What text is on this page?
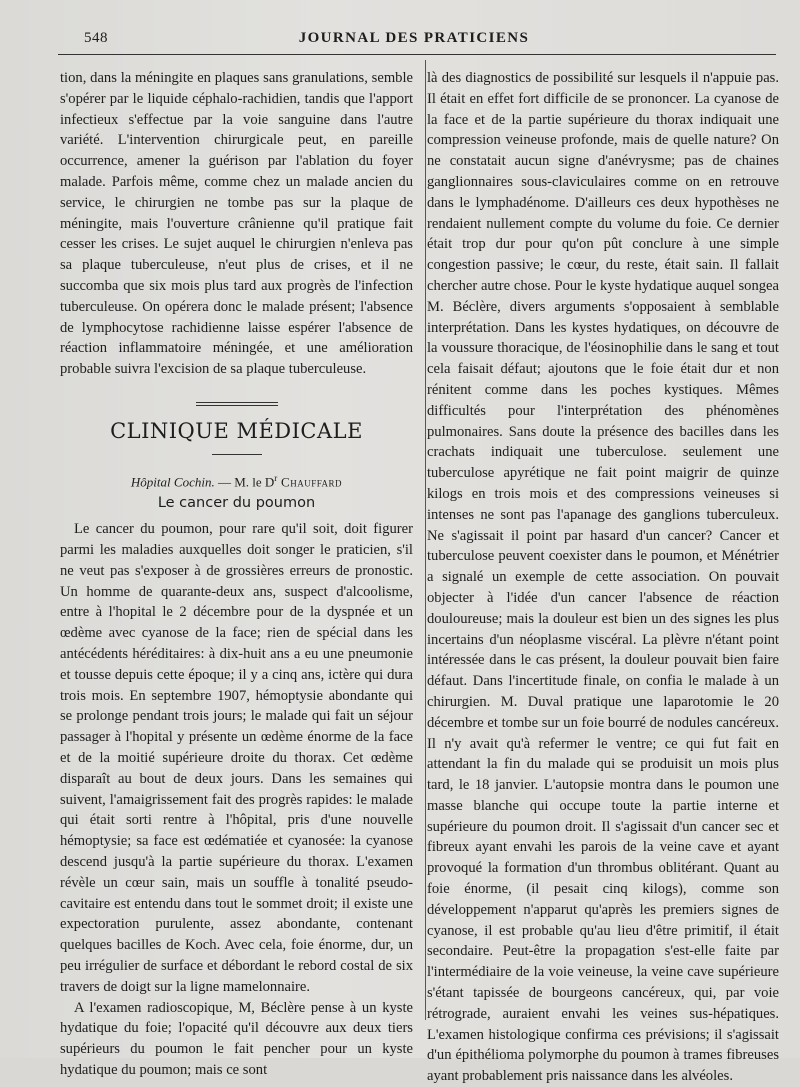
548	JOURNAL DES PRATICIENS

tion, dans la méningite en plaques sans granulations, semble s'opérer par le liquide céphalo-rachidien, tandis que l'apport infectieux s'effectue par la voie sanguine dans l'autre variété. L'intervention chirurgicale peut, en pareille occurrence, amener la guérison par l'ablation du foyer malade. Parfois même, comme chez un malade ancien du service, le chirurgien ne tombe pas sur la plaque de méningite, mais l'ouverture crânienne qu'il pratique fait cesser les crises. Le sujet auquel le chirurgien n'enleva pas sa plaque tuberculeuse, n'eut plus de crises, et il ne succomba que six mois plus tard aux progrès de l'infection tuberculeuse. On opérera donc le malade présent; l'absence de lymphocytose rachidienne laisse espérer l'absence de réaction inflammatoire méningée, et une amélioration probable suivra l'excision de sa plaque tuberculeuse.

CLINIQUE MÉDICALE
Hôpital Cochin. — M. le $D^r$ Chauffard
Le cancer du poumon

Le cancer du poumon, pour rare qu'il soit, doit figurer parmi les maladies auxquelles doit songer le praticien, s'il ne veut pas s'exposer à de grossières erreurs de pronostic. Un homme de quarante-deux ans, suspect d'alcoolisme, entre à l'hopital le 2 décembre pour de la dyspnée et un œdème avec cyanose de la face; rien de spécial dans les antécédents héréditaires: à dix-huit ans a eu une pneumonie et tousse depuis cette époque; il y a cinq ans, ictère qui dura trois mois. En septembre 1907, hémoptysie abondante qui se prolonge pendant trois jours; le malade qui fait un séjour passager à l'hopital y présente un œdème énorme de la face et de la moitié supérieure droite du thorax. Cet œdème disparaît au bout de deux jours. Dans les semaines qui suivent, l'amaigrissement fait des progrès rapides: le malade qui était sorti rentre à l'hôpital, pris d'une nouvelle hémoptysie; sa face est œdématiée et cyanosée: la cyanose descend jusqu'à la partie supérieure du thorax. L'examen révèle un cœur sain, mais un souffle à tonalité pseudo-cavitaire est entendu dans tout le sommet droit; il existe une expectoration purulente, assez abondante, contenant quelques bacilles de Koch. Avec cela, foie énorme, dur, un peu irrégulier de surface et débordant le rebord costal de six travers de doigt sur la ligne mamelonnaire.

A l'examen radioscopique, M, Béclère pense à un kyste hydatique du foie; l'opacité qu'il découvre aux deux tiers supérieurs du poumon le fait pencher pour un kyste hydatique du poumon; mais ce sont

là des diagnostics de possibilité sur lesquels il n'appuie pas. Il était en effet fort difficile de se prononcer. La cyanose de la face et de la partie supérieure du thorax indiquait une compression veineuse profonde, mais de quelle nature? On ne constatait aucun signe d'anévrysme; pas de chaines ganglionnaires sous-claviculaires comme on en retrouve dans le lymphadénome. D'ailleurs ces deux hypothèses ne rendaient nullement compte du volume du foie. Ce dernier était trop dur pour qu'on pût conclure à une simple congestion passive; le cœur, du reste, était sain. Il fallait chercher autre chose. Pour le kyste hydatique auquel songea M. Béclère, divers arguments s'opposaient à semblable interprétation. Dans les kystes hydatiques, on découvre de la voussure thoracique, de l'éosinophilie dans le sang et tout cela faisait défaut; ajoutons que le foie était dur et non rénitent comme dans les poches kystiques. Mêmes difficultés pour l'interprétation des phénomènes pulmonaires. Sans doute la présence des bacilles dans les crachats indiquait une tuberculose. seulement une tuberculose apyrétique ne fait point maigrir de quinze kilogs en trois mois et des compressions veineuses si intenses ne sont pas l'apanage des ganglions tuberculeux. Ne s'agissait il point par hasard d'un cancer? Cancer et tuberculose peuvent coexister dans le poumon, et Ménétrier a signalé un exemple de cette association. On pouvait objecter à l'idée d'un cancer l'absence de réaction douloureuse; mais la douleur est bien un des signes les plus incertains d'un néoplasme viscéral. La plèvre n'étant point intéressée dans le cas présent, la douleur pouvait bien faire défaut. Dans l'incertitude finale, on confia le malade à un chirurgien. M. Duval pratique une laparotomie le 20 décembre et tombe sur un foie bourré de nodules cancéreux. Il n'y avait qu'à refermer le ventre; ce qui fut fait en attendant la fin du malade qui se produisit un mois plus tard, le 18 janvier. L'autopsie montra dans le poumon une masse blanche qui occupe toute la partie interne et supérieure du poumon droit. Il s'agissait d'un cancer sec et fibreux ayant envahi les parois de la veine cave et ayant provoqué la formation d'un thrombus oblitérant. Quant au foie énorme, (il pesait cinq kilogs), comme son développement n'apparut qu'après les premiers signes de cyanose, il est probable qu'au lieu d'être primitif, il était secondaire. Peut-être la propagation s'est-elle faite par l'intermédiaire de la voie veineuse, la veine cave supérieure s'étant tapissée de bourgeons cancéreux, qui, par voie rétrograde, auraient envahi les veines sus-hépatiques. L'examen histologique confirma ces prévisions; il s'agissait d'un épithélioma polymorphe du poumon à trames fibreuses ayant probablement pris naissance dans les alvéoles.
